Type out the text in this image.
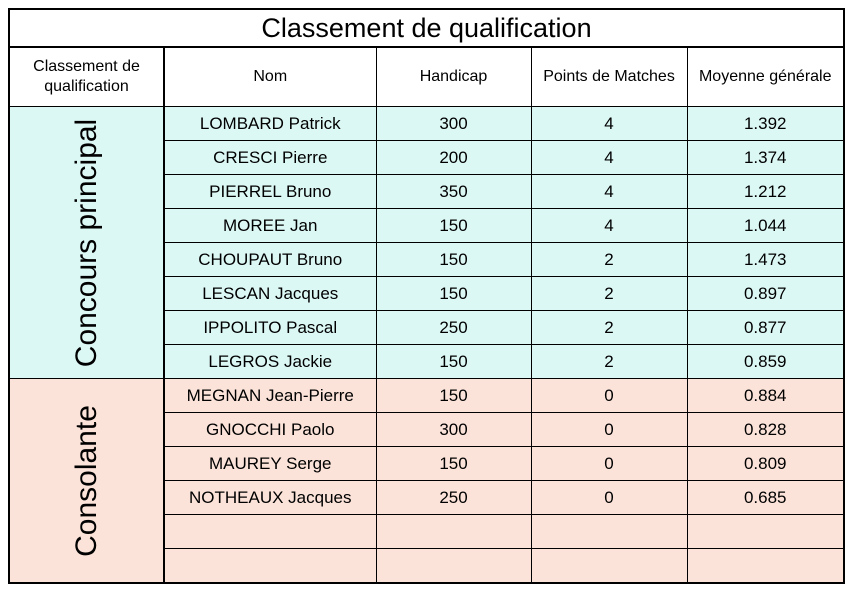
Classement de qualification				
Classement de qualification	Nom	Handicap	Points de Matches	Moyenne générale

Concours principal	LOMBARD Patrick	300	4	1.392
	CRESCI Pierre	200	4	1.374
	PIERREL Bruno	350	4	1.212
	MOREE Jan	150	4	1.044
	CHOUPAUT Bruno	150	2	1.473
	LESCAN Jacques	150	2	0.897
	IPPOLITO Pascal	250	2	0.877
	LEGROS Jackie	150	2	0.859

Consolante	MEGNAN Jean-Pierre	150	0	0.884
	GNOCCHI Paolo	300	0	0.828
	MAUREY Serge	150	0	0.809
	NOTHEAUX Jacques	250	0	0.685
